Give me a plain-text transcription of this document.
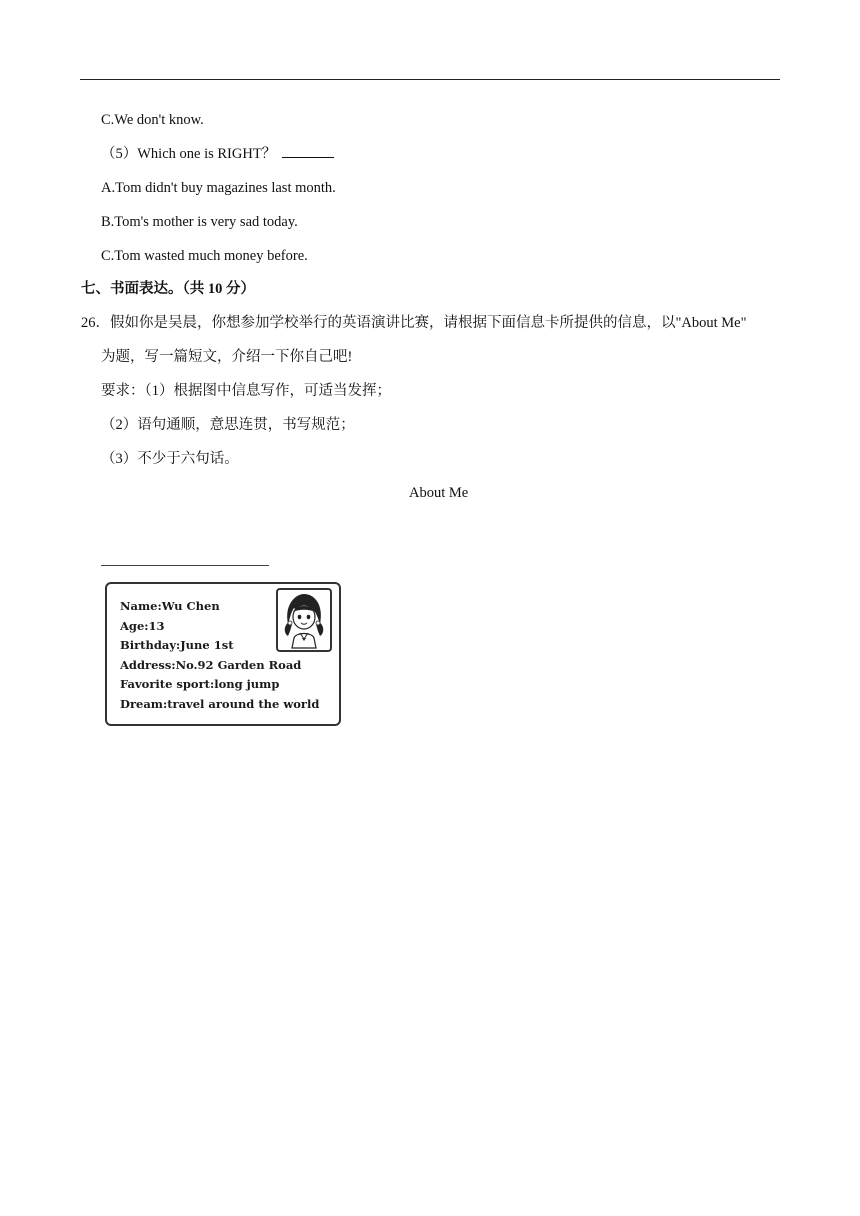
C.We don't know.
（5）Which one is RIGHT？
A.Tom didn't buy magazines last month.
B.Tom's mother is very sad today.
C.Tom wasted much money before.
七、书面表达。（共 10 分）
26．假如你是吴晨，你想参加学校举行的英语演讲比赛，请根据下面信息卡所提供的信息，以"About Me"
为题，写一篇短文，介绍一下你自己吧!
要求：（1）根据图中信息写作，可适当发挥；
（2）语句通顺，意思连贯，书写规范；
（3）不少于六句话。
About Me
Name:Wu Chen
Age:13
Birthday:June 1st
Address:No.92 Garden Road
Favorite sport:long jump
Dream:travel around the world
